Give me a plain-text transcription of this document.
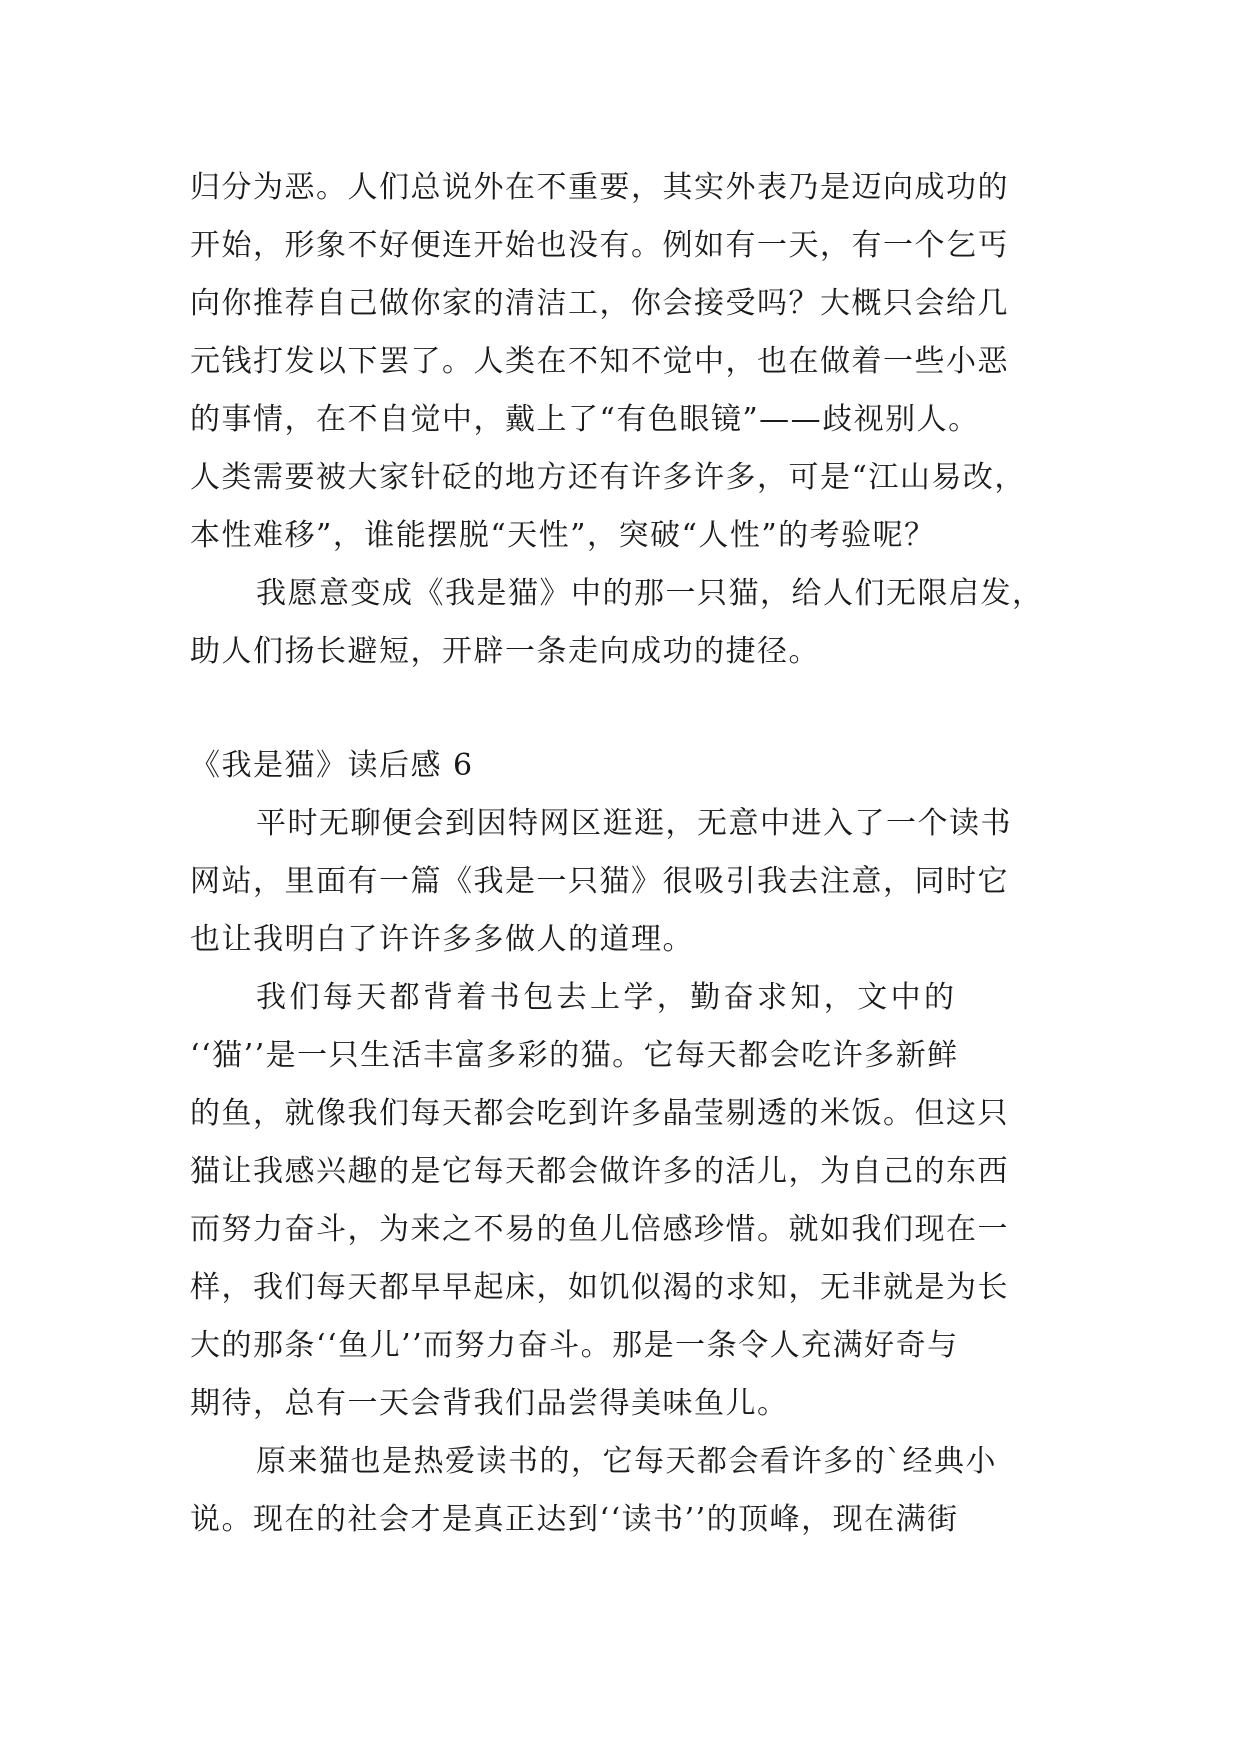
归分为恶。人们总说外在不重要，其实外表乃是迈向成功的
开始，形象不好便连开始也没有。例如有一天，有一个乞丐
向你推荐自己做你家的清洁工，你会接受吗？大概只会给几
元钱打发以下罢了。人类在不知不觉中，也在做着一些小恶
的事情，在不自觉中，戴上了“有色眼镜”——歧视别人。
人类需要被大家针砭的地方还有许多许多，可是“江山易改，
本性难移”，谁能摆脱“天性”，突破“人性”的考验呢？
我愿意变成《我是猫》中的那一只猫，给人们无限启发，
助人们扬长避短，开辟一条走向成功的捷径。
《我是猫》读后感 6
平时无聊便会到因特网区逛逛，无意中进入了一个读书
网站，里面有一篇《我是一只猫》很吸引我去注意，同时它
也让我明白了许许多多做人的道理。
我们每天都背着书包去上学，勤奋求知，文中的
‘‘猫’’是一只生活丰富多彩的猫。它每天都会吃许多新鲜
的鱼，就像我们每天都会吃到许多晶莹剔透的米饭。但这只
猫让我感兴趣的是它每天都会做许多的活儿，为自己的东西
而努力奋斗，为来之不易的鱼儿倍感珍惜。就如我们现在一
样，我们每天都早早起床，如饥似渴的求知，无非就是为长
大的那条‘‘鱼儿’’而努力奋斗。那是一条令人充满好奇与
期待，总有一天会背我们品尝得美味鱼儿。
原来猫也是热爱读书的，它每天都会看许多的`经典小
说。现在的社会才是真正达到‘‘读书’’的顶峰，现在满街
